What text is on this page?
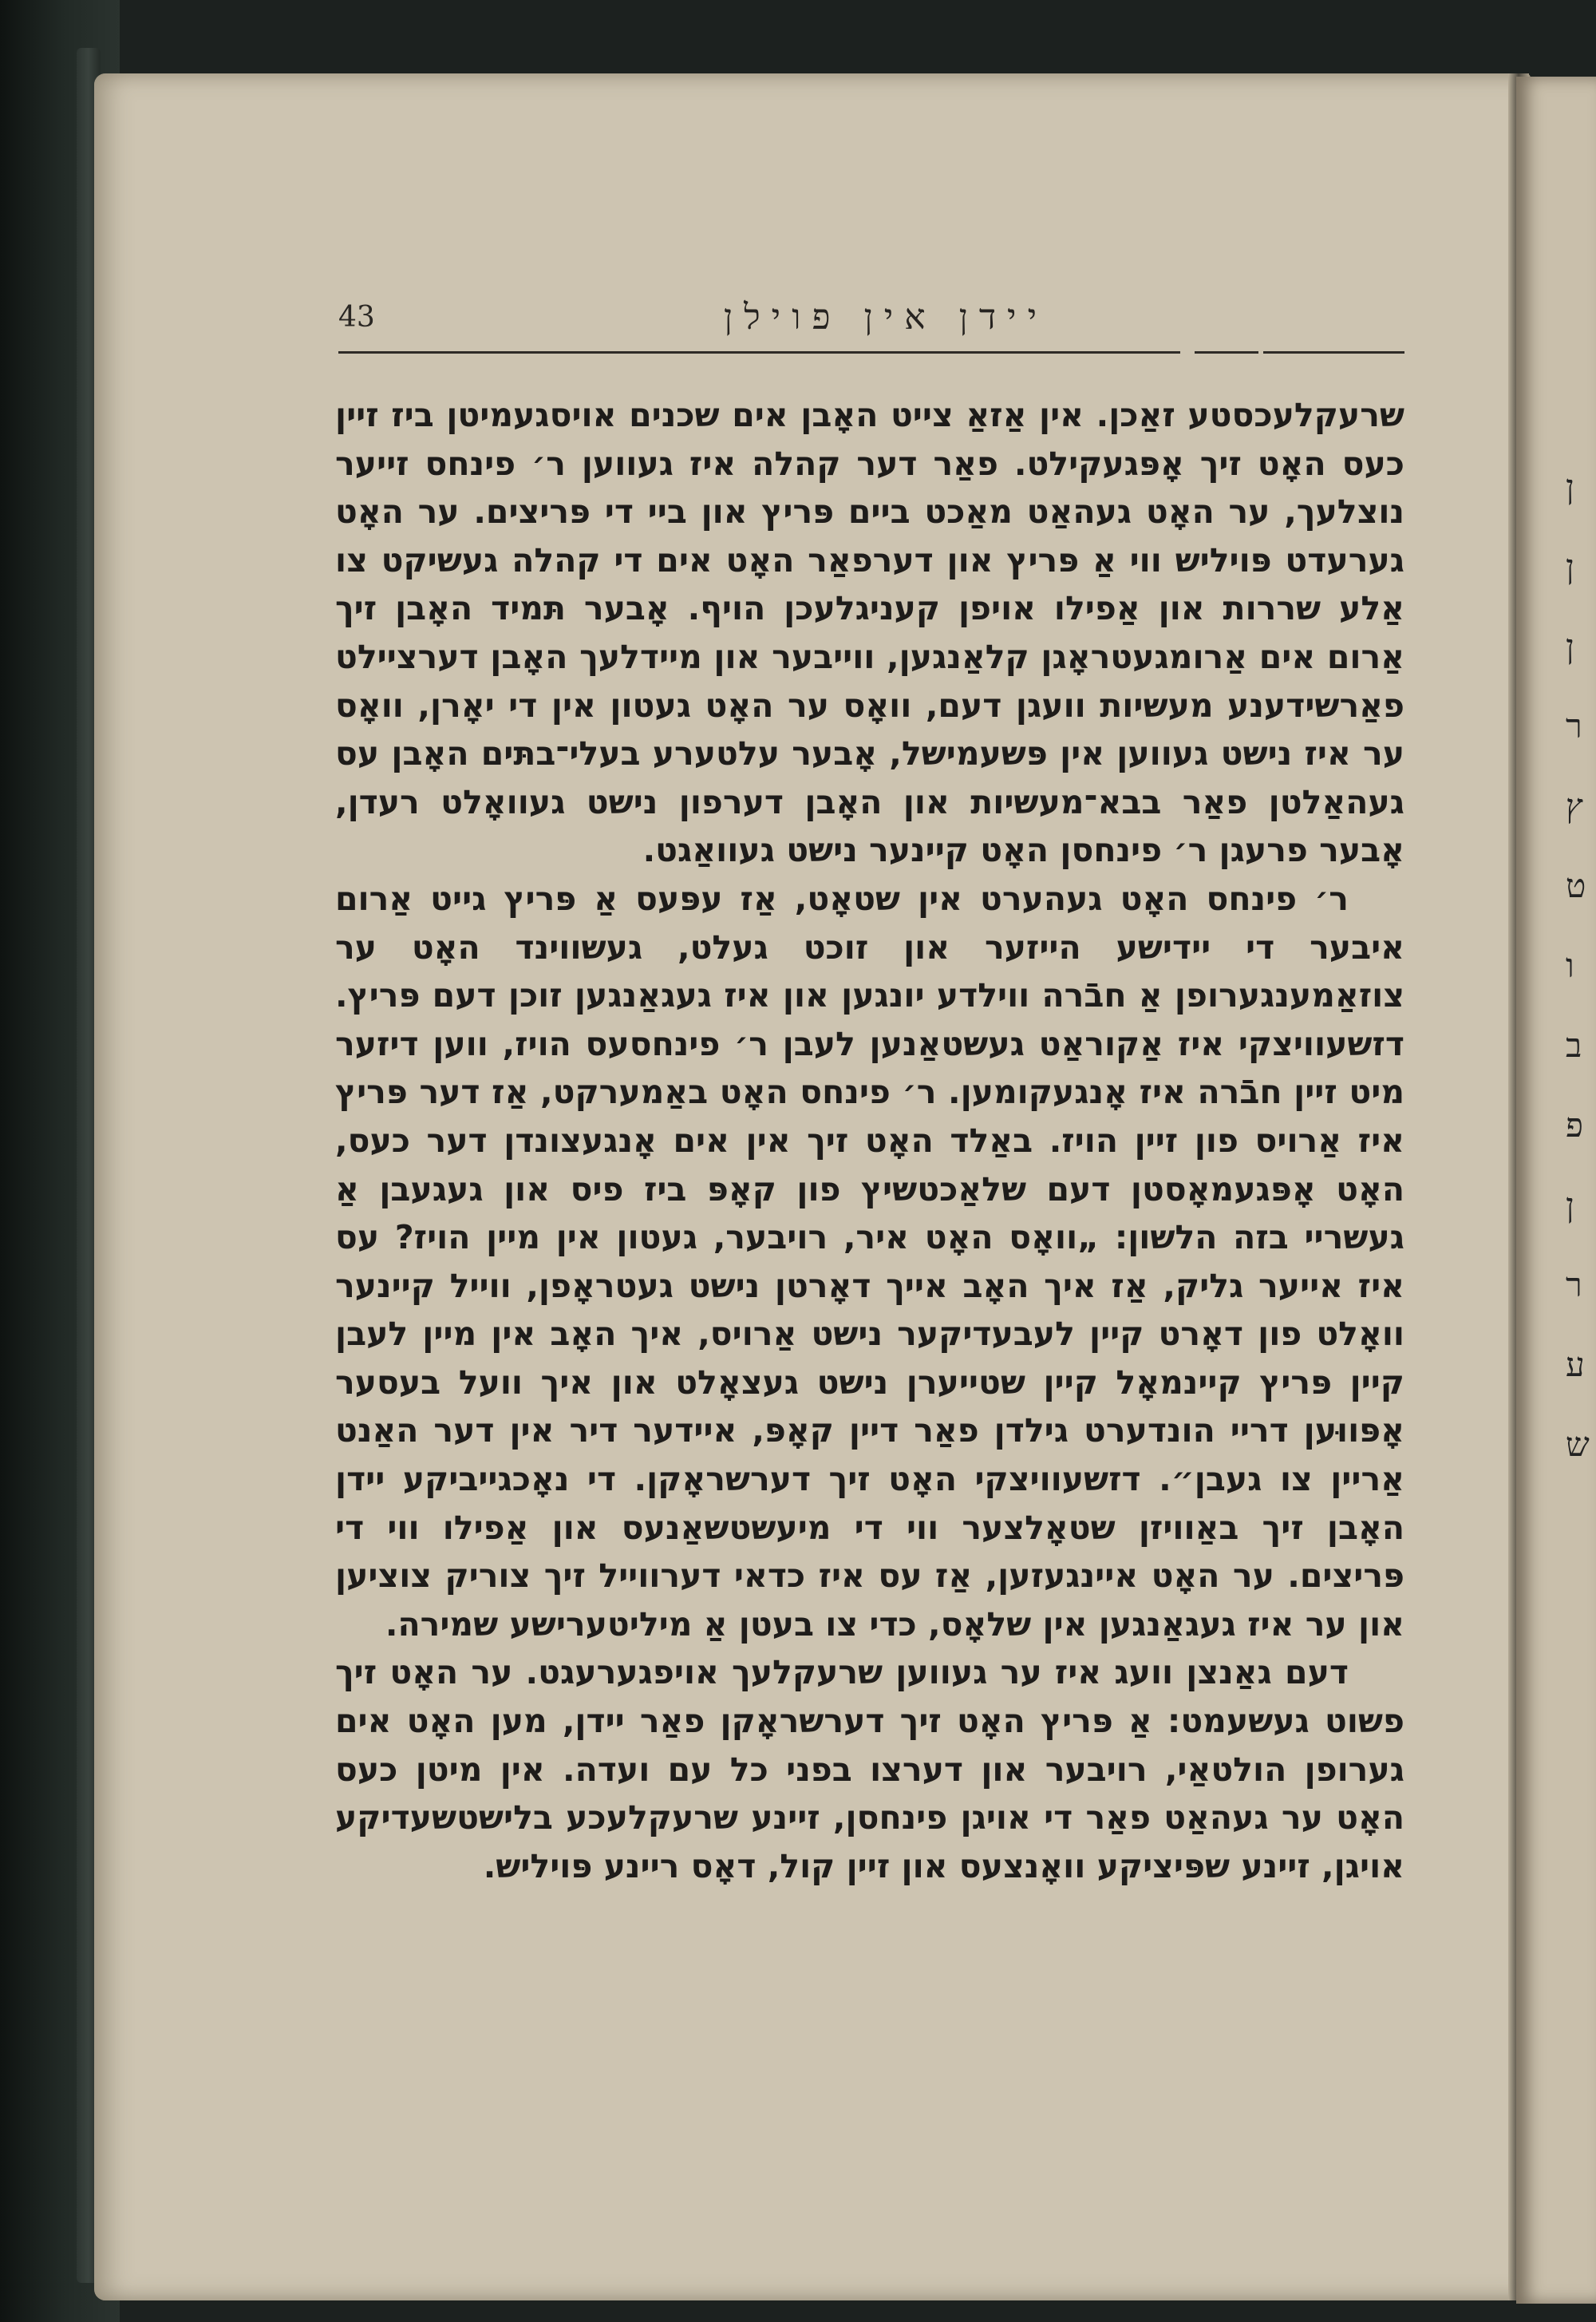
ן
ן
ן
ר
ץ
ט
ו
ב
פ
ן
ר
ע
ש
43	יידן אין פוילן

שרעקלעכסטע זאַכן. אין אַזאַ צייט האָבן אים שכנים אויסגעמיטן ביז זיין כעס האָט זיך אָפּגעקילט. פאַר דער קהלה איז געווען ר׳ פינחס זייער נוצלעך, ער האָט געהאַט מאַכט ביים פּריץ און ביי די פּריצים. ער האָט גערעדט פּויליש ווי אַ פּריץ און דערפאַר האָט אים די קהלה געשיקט צו אַלע שררות און אַפילו אויפן קעניגלעכן הויף. אָבער תּמיד האָבן זיך אַרום אים אַרומגעטראָגן קלאַנגען, ווייבער און מיידלעך האָבן דערציילט פאַרשידענע מעשיות וועגן דעם, וואָס ער האָט געטון אין די יאָרן, וואָס ער איז נישט געווען אין פּשעמישל, אָבער עלטערע בעלי־בתּים האָבן עס געהאַלטן פאַר בבא־מעשיות און האָבן דערפון נישט געוואָלט רעדן, אָבער פרעגן ר׳ פינחסן האָט קיינער נישט געוואַגט.

ר׳ פינחס האָט געהערט אין שטאָט, אַז עפּעס אַ פּריץ גייט אַרום איבער די יידישע הייזער און זוכט געלט, געשווינד האָט ער צוזאַמענגערופן אַ חבֿרה ווילדע יונגען און איז געגאַנגען זוכן דעם פּריץ. דזשעוויצקי איז אַקוראַט געשטאַנען לעבן ר׳ פינחסעס הויז, ווען דיזער מיט זיין חבֿרה איז אָנגעקומען. ר׳ פינחס האָט באַמערקט, אַז דער פּריץ איז אַרויס פון זיין הויז. באַלד האָט זיך אין אים אָנגעצונדן דער כעס, האָט אָפּגעמאָסטן דעם שלאַכטשיץ פון קאָפּ ביז פיס און געגעבן אַ געשריי בזה הלשון: „וואָס האָט איר, רויבער, געטון אין מיין הויז? עס איז אייער גליק, אַז איך האָב אייך דאָרטן נישט געטראָפן, ווייל קיינער וואָלט פון דאָרט קיין לעבעדיקער נישט אַרויס, איך האָב אין מיין לעבן קיין פּריץ קיינמאָל קיין שטייערן נישט געצאָלט און איך וועל בעסער אָפּווּען דריי הונדערט גילדן פאַר דיין קאָפּ, איידער דיר אין דער האַנט אַריין צו געבן״. דזשעוויצקי האָט זיך דערשראָקן. די נאָכגייביקע יידן האָבן זיך באַוויזן שטאָלצער ווי די מיעשטשאַנעס און אַפילו ווי די פּריצים. ער האָט איינגעזען, אַז עס איז כדאי דערווייל זיך צוריק צוציען און ער איז געגאַנגען אין שלאָס, כדי צו בעטן אַ מיליטערישע שמירה.

דעם גאַנצן וועג איז ער געווען שרעקלעך אויפגערעגט. ער האָט זיך פשוט געשעמט: אַ פּריץ האָט זיך דערשראָקן פאַר יידן, מען האָט אים גערופן הולטאַי, רויבער און דערצו בפני כל עם ועדה. אין מיטן כעס האָט ער געהאַט פאַר די אויגן פינחסן, זיינע שרעקלעכע בלישטשעדיקע אויגן, זיינע שפּיציקע וואָנצעס און זיין קול, דאָס ריינע פּויליש.
